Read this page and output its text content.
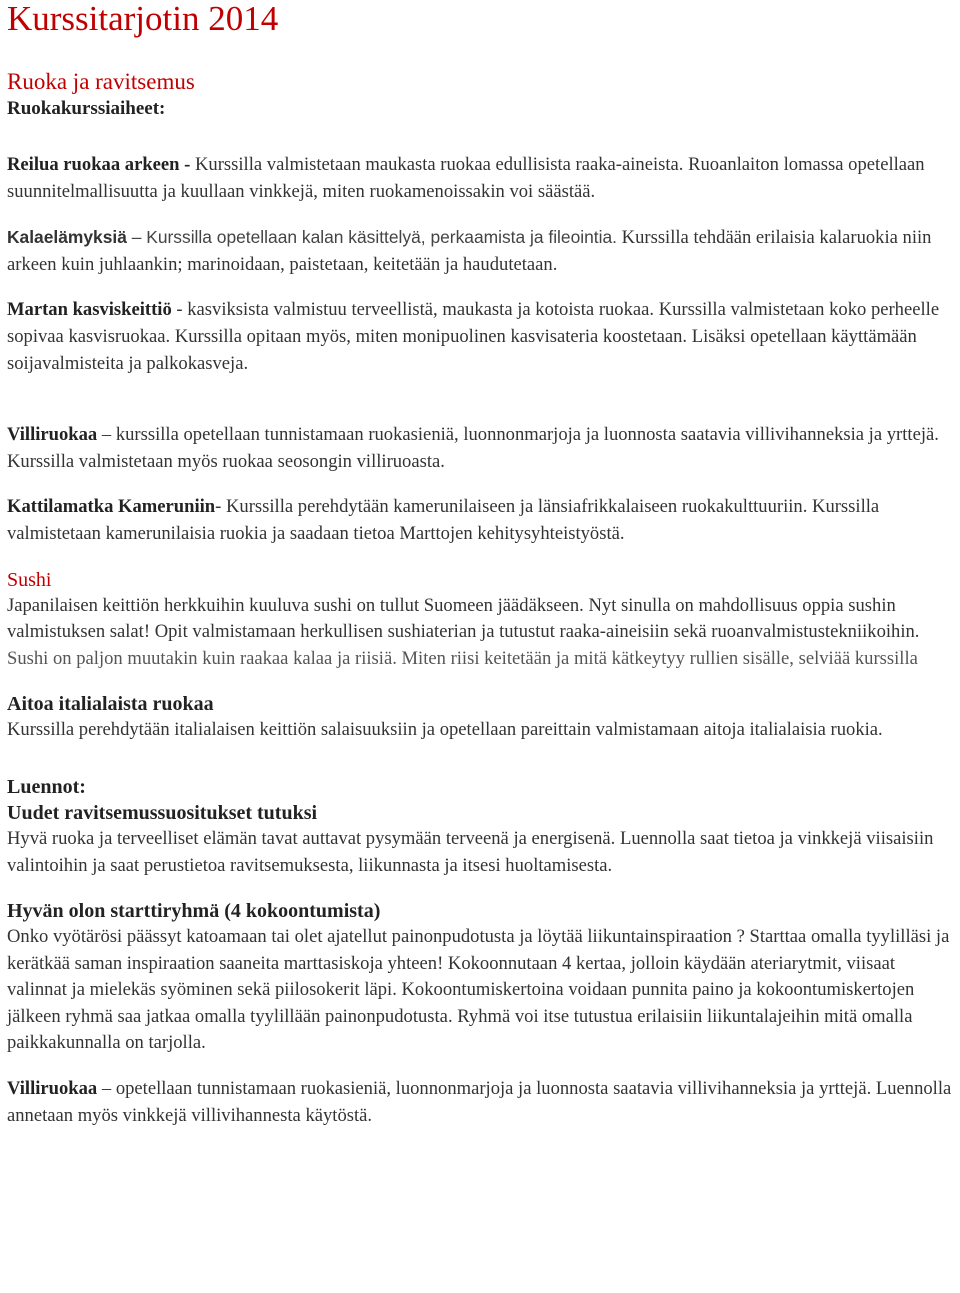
Kurssitarjotin 2014
Ruoka ja ravitsemus
Ruokakurssiaiheet:

Reilua ruokaa arkeen - Kurssilla valmistetaan maukasta ruokaa edullisista raaka-aineista. Ruoanlaiton lomassa opetellaan suunnitelmallisuutta ja kuullaan vinkkejä, miten ruokamenoissakin voi säästää.

Kalaelämyksiä – Kurssilla opetellaan kalan käsittelyä, perkaamista ja fileointia. Kurssilla tehdään erilaisia kalaruokia niin arkeen kuin juhlaankin; marinoidaan, paistetaan, keitetään ja haudutetaan.

Martan kasviskeittiö - kasviksista valmistuu terveellistä, maukasta ja kotoista ruokaa. Kurssilla valmistetaan koko perheelle sopivaa kasvisruokaa. Kurssilla opitaan myös, miten monipuolinen kasvisateria koostetaan. Lisäksi opetellaan käyttämään soijavalmisteita ja palkokasveja.

Villiruokaa – kurssilla opetellaan tunnistamaan ruokasieniä, luonnonmarjoja ja luonnosta saatavia villivihanneksia ja yrttejä. Kurssilla valmistetaan myös ruokaa seosongin villiruoasta.

Kattilamatka Kameruniin- Kurssilla perehdytään kamerunilaiseen ja länsiafrikkalaiseen ruokakulttuuriin. Kurssilla valmistetaan kamerunilaisia ruokia ja saadaan tietoa Marttojen kehitysyhteistyöstä.

Sushi

Japanilaisen keittiön herkkuihin kuuluva sushi on tullut Suomeen jäädäkseen. Nyt sinulla on mahdollisuus oppia sushin valmistuksen salat! Opit valmistamaan herkullisen sushiaterian ja tutustut raaka-aineisiin sekä ruoanvalmistustekniikoihin. Sushi on paljon muutakin kuin raakaa kalaa ja riisiä. Miten riisi keitetään ja mitä kätkeytyy rullien sisälle, selviää kurssilla

Aitoa italialaista ruokaa

Kurssilla perehdytään italialaisen keittiön salaisuuksiin ja opetellaan pareittain valmistamaan aitoja italialaisia ruokia.

Luennot:
Uudet ravitsemussuositukset tutuksi

Hyvä ruoka ja terveelliset elämän tavat auttavat pysymään terveenä ja energisenä. Luennolla saat tietoa ja vinkkejä viisaisiin valintoihin ja saat perustietoa ravitsemuksesta, liikunnasta ja itsesi huoltamisesta.

Hyvän olon starttiryhmä (4 kokoontumista)

Onko vyötärösi päässyt katoamaan tai olet ajatellut painonpudotusta ja löytää liikuntainspiraation ? Starttaa omalla tyylilläsi ja kerätkää saman inspiraation saaneita marttasiskoja yhteen! Kokoonnutaan 4 kertaa, jolloin käydään ateriarytmit, viisaat valinnat ja mielekäs syöminen sekä piilosokerit läpi. Kokoontumiskertoina voidaan punnita paino ja kokoontumiskertojen jälkeen ryhmä saa jatkaa omalla tyylillään painonpudotusta. Ryhmä voi itse tutustua erilaisiin liikuntalajeihin mitä omalla paikkakunnalla on tarjolla.

Villiruokaa – opetellaan tunnistamaan ruokasieniä, luonnonmarjoja ja luonnosta saatavia villivihanneksia ja yrttejä. Luennolla annetaan myös vinkkejä villivihannesta käytöstä.
